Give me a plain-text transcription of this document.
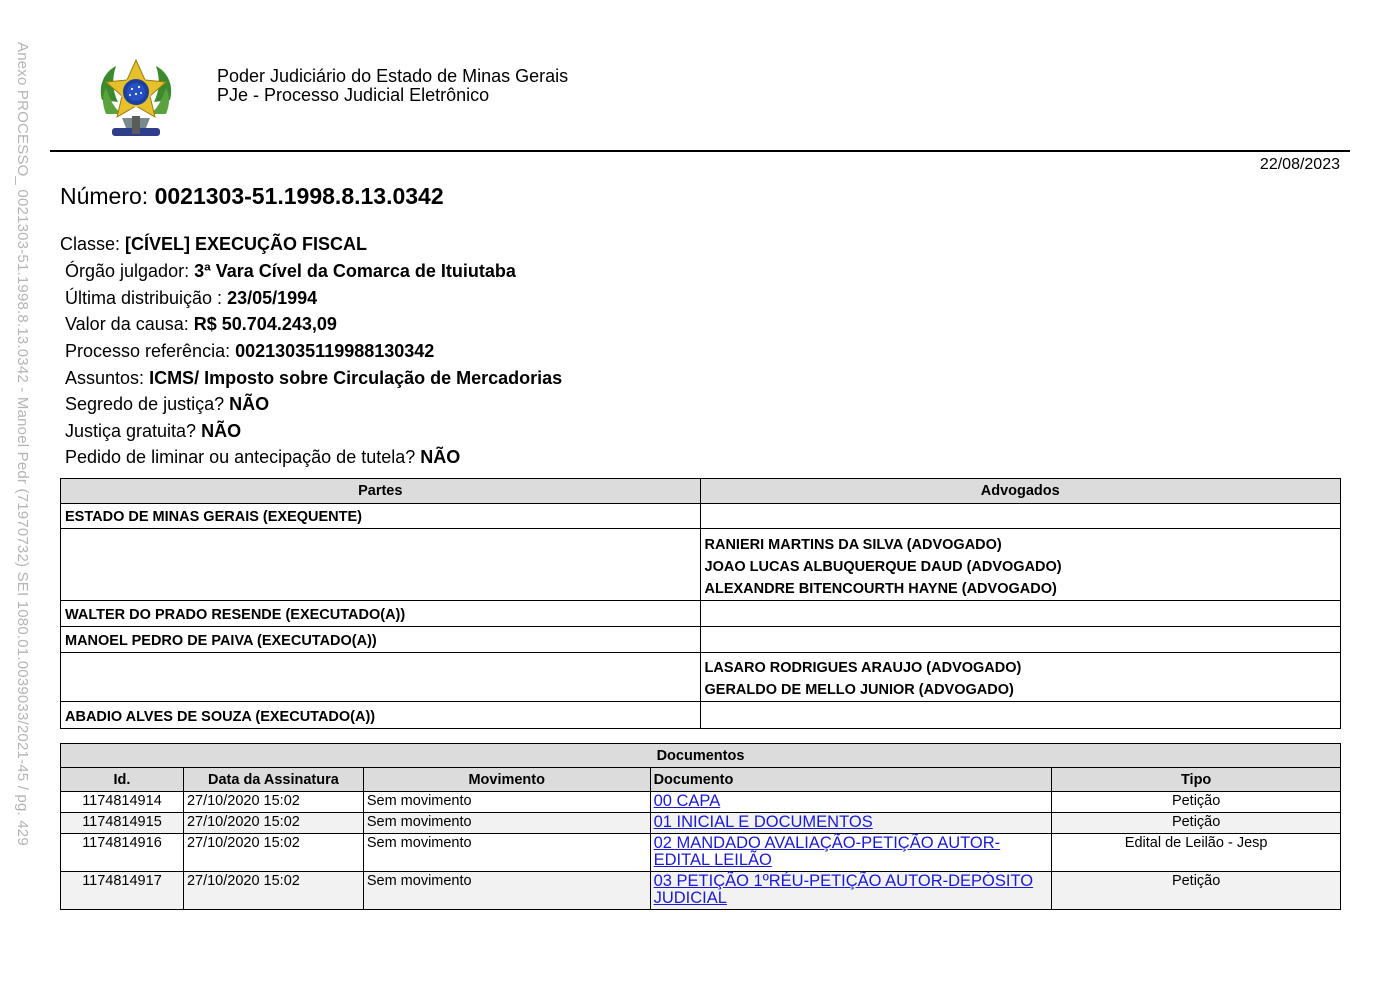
Anexo PROCESSO_ 0021303-51.1998.8.13.0342 - Manoel Pedr (71970732) SEI 1080.01.0039033/2021-45 / pg. 429	Poder Judiciário do Estado de Minas Gerais
PJe - Processo Judicial Eletrônico
22/08/2023
Número: 0021303-51.1998.8.13.0342
Classe: [CÍVEL] EXECUÇÃO FISCAL
Órgão julgador: 3ª Vara Cível da Comarca de Ituiutaba
Última distribuição : 23/05/1994
Valor da causa: R$ 50.704.243,09
Processo referência: 00213035119988130342
Assuntos: ICMS/ Imposto sobre Circulação de Mercadorias
Segredo de justiça? NÃO
Justiça gratuita? NÃO
Pedido de liminar ou antecipação de tutela? NÃO
Partes	Advogados

ESTADO DE MINAS GERAIS (EXEQUENTE)	

	RANIERI MARTINS DA SILVA (ADVOGADO)
JOAO LUCAS ALBUQUERQUE DAUD (ADVOGADO)
ALEXANDRE BITENCOURTH HAYNE (ADVOGADO)

WALTER DO PRADO RESENDE (EXECUTADO(A))	

MANOEL PEDRO DE PAIVA (EXECUTADO(A))	

	LASARO RODRIGUES ARAUJO (ADVOGADO)
GERALDO DE MELLO JUNIOR (ADVOGADO)

ABADIO ALVES DE SOUZA (EXECUTADO(A))	

Documentos				
Id.	Data da Assinatura	Movimento	Documento	Tipo
1174814914	27/10/2020 15:02	Sem movimento	00 CAPA	Petição
1174814915	27/10/2020 15:02	Sem movimento	01 INICIAL E DOCUMENTOS	Petição
1174814916	27/10/2020 15:02	Sem movimento	02 MANDADO AVALIAÇÃO-PETIÇÃO AUTOR-EDITAL LEILÃO	Edital de Leilão - Jesp
1174814917	27/10/2020 15:02	Sem movimento	03 PETIÇÃO 1ºRÉU-PETIÇÃO AUTOR-DEPÓSITO JUDICIAL	Petição
